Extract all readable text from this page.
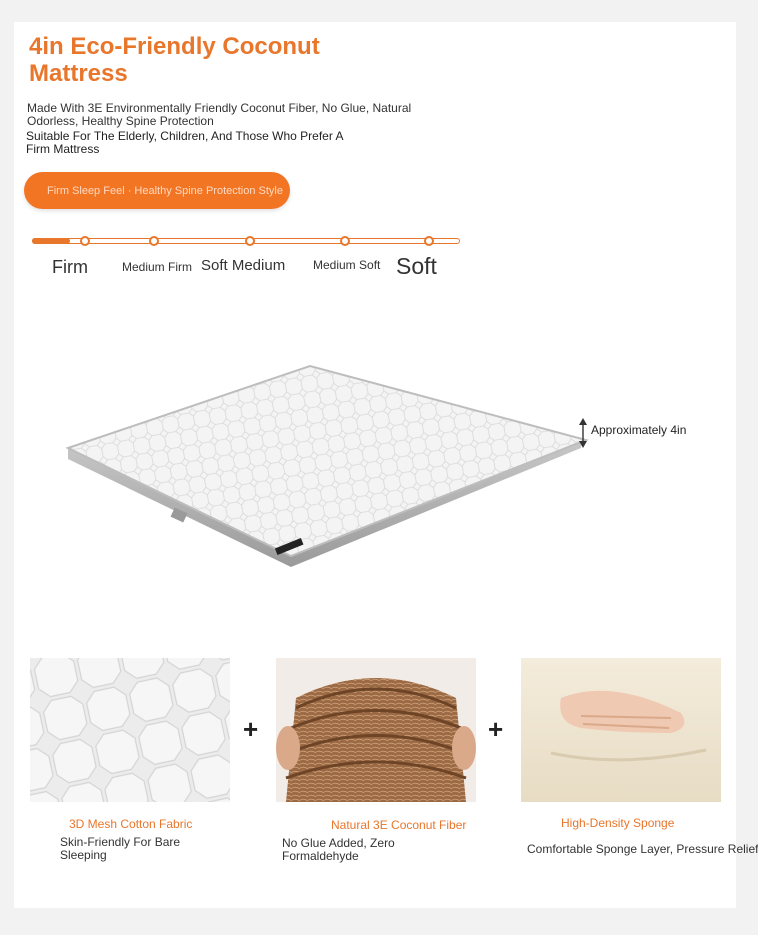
4in Eco-Friendly Coconut Mattress
Made With 3E Environmentally Friendly Coconut Fiber, No Glue, Natural Odorless, Healthy Spine Protection
Suitable For The Elderly, Children, And Those Who Prefer A Firm Mattress
Firm Sleep Feel · Healthy Spine Protection Style
Firm	Medium Firm Soft Medium Medium Soft Soft
Approximately 4in
+	+
3D Mesh Cotton Fabric
Skin-Friendly For Bare Sleeping
Natural 3E Coconut Fiber
No Glue Added, Zero Formaldehyde
High-Density Sponge
Comfortable Sponge Layer, Pressure Relief
